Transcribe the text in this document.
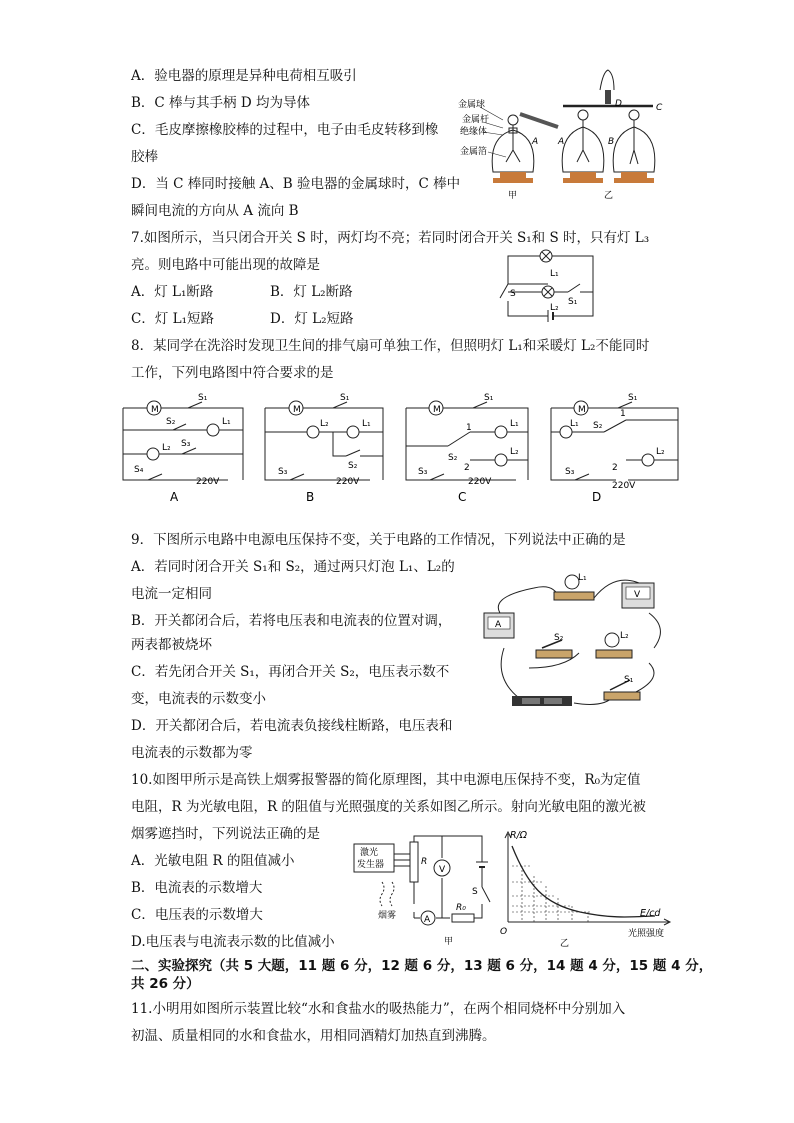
A．验电器的原理是异种电荷相互吸引
B．C 棒与其手柄 D 均为导体
C．毛皮摩擦橡胶棒的过程中，电子由毛皮转移到橡
胶棒
D．当 C 棒同时接触 A、B 验电器的金属球时，C 棒中
瞬间电流的方向从 A 流向 B
金属球
金属杆
绝缘体
金属箔
A
甲
D	C
A	B
乙
7.如图所示，当只闭合开关 S 时，两灯均不亮；若同时闭合开关 S₁和 S 时，只有灯 L₃
亮。则电路中可能出现的故障是
A．灯 L₁断路	B．灯 L₂断路
C．灯 L₁短路	D．灯 L₂短路
L₁
L₂
S
S₁
8．某同学在洗浴时发现卫生间的排气扇可单独工作，但照明灯 L₁和采暖灯 L₂不能同时
工作，下列电路图中符合要求的是
M
S₁
S₂	L₁
L₂ S₃
S₄
220V
A
M
S₁
L₂	L₁
S₂
S₃
220V
B
M
S₁
L₁
L₂
1
2
S₂
S₃
220V
C
M
S₁
L₁ S₂
1
2
L₂
S₃
220V
D
9．下图所示电路中电源电压保持不变，关于电路的工作情况，下列说法中正确的是
A．若同时闭合开关 S₁和 S₂，通过两只灯泡 L₁、L₂的
电流一定相同
B．开关都闭合后，若将电压表和电流表的位置对调，
两表都被烧坏
C．若先闭合开关 S₁，再闭合开关 S₂，电压表示数不
变，电流表的示数变小
D．开关都闭合后，若电流表负接线柱断路，电压表和
电流表的示数都为零
A
V
L₁
L₂
S₂
S₁
10.如图甲所示是高铁上烟雾报警器的简化原理图，其中电源电压保持不变，R₀为定值
电阻，R 为光敏电阻，R 的阻值与光照强度的关系如图乙所示。射向光敏电阻的激光被
烟雾遮挡时，下列说法正确的是
A．光敏电阻 R 的阻值减小
B．电流表的示数增大
C．电压表的示数增大
D.电压表与电流表示数的比值减小
激光
发生器	R
V
S
A
R₀
烟雾
甲
R/Ω
E/cd
光照强度
O
乙
二、实验探究（共 5 大题，11 题 6 分，12 题 6 分，13 题 6 分，14 题 4 分，15 题 4 分，
共 26 分）
11.小明用如图所示装置比较“水和食盐水的吸热能力”，在两个相同烧杯中分别加入
初温、质量相同的水和食盐水，用相同酒精灯加热直到沸腾。
